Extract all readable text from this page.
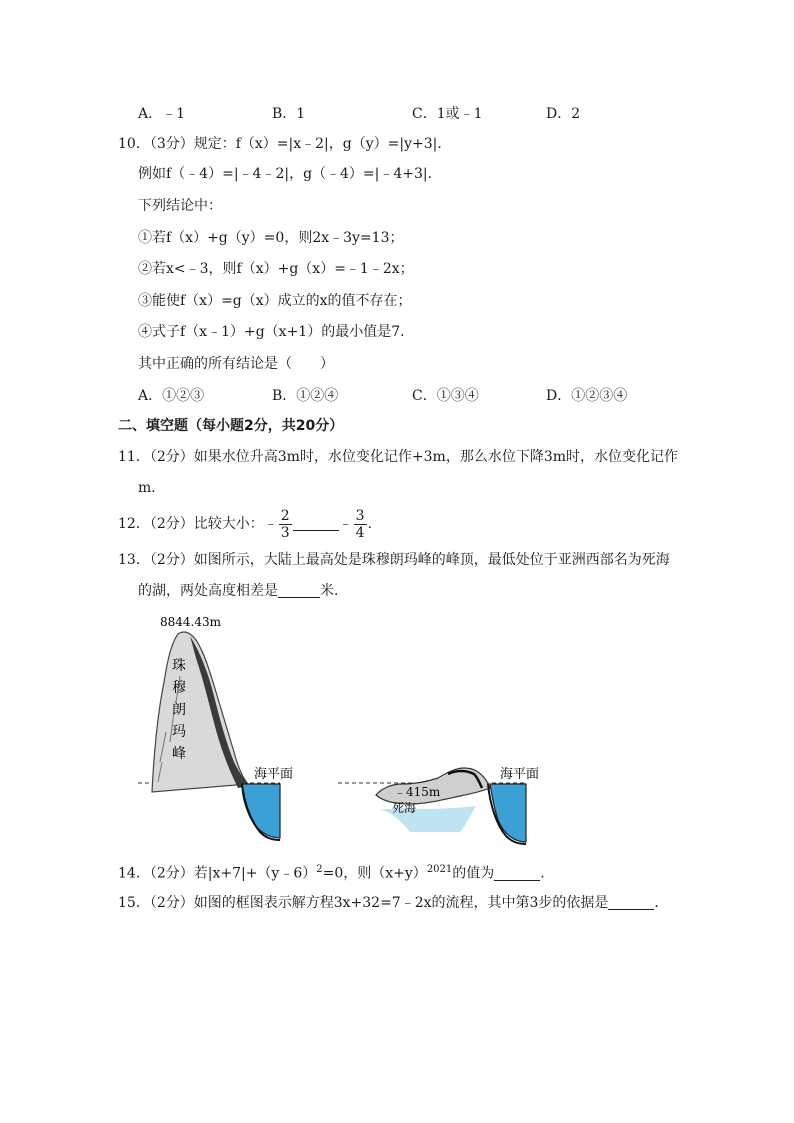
A．﹣1	B．1	C．1或﹣1	D．2
10．（3分）规定：f（x）=|x﹣2|，g（y）=|y+3|．
例如f（﹣4）=|﹣4﹣2|，g（﹣4）=|﹣4+3|．
下列结论中：
①若f（x）+g（y）=0，则2x﹣3y=13；
②若x<﹣3，则f（x）+g（x）=﹣1﹣2x；
③能使f（x）=g（x）成立的x的值不存在；
④式子f（x﹣1）+g（x+1）的最小值是7．
其中正确的所有结论是（　　）
A．①②③	B．①②④	C．①③④	D．①②③④
二、填空题（每小题2分，共20分）
11．（2分）如果水位升高3m时，水位变化记作+3m，那么水位下降3m时，水位变化记作
m．
12．（2分）比较大小：﹣ $\frac{2}{3}$	﹣ $\frac{3}{4}$ ．
13．（2分）如图所示，大陆上最高处是珠穆朗玛峰的峰顶，最低处位于亚洲西部名为死海
的湖，两处高度相差是	米．
8844.43m
珠
穆
朗
玛
峰
海平面	海平面
﹣415m
死海
14．（2分）若|x+7|+（y﹣6）$^2$=0，则$(x+y)^{2021}$的值为	．
15．（2分）如图的框图表示解方程3x+32=7﹣2x的流程，其中第3步的依据是	．
